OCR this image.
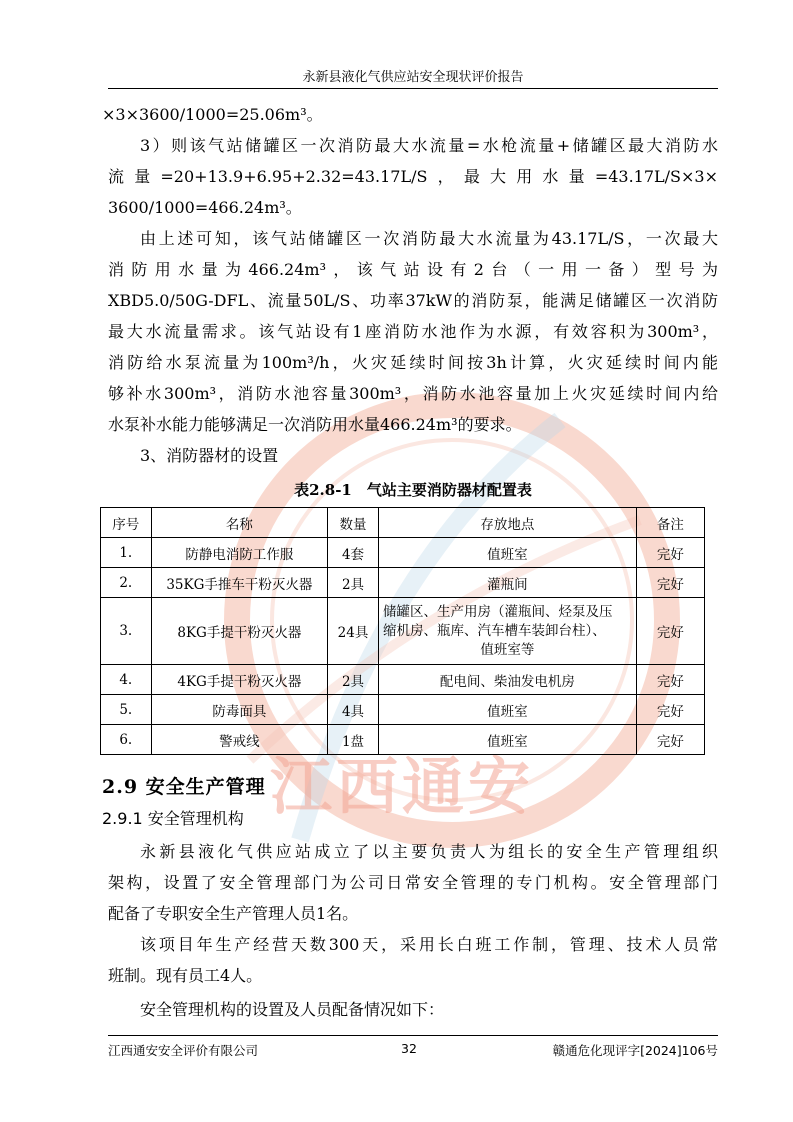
江西通安
永新县液化气供应站安全现状评价报告

×3×3600/1000=25.06m³。

3）则该气站储罐区一次消防最大水流量=水枪流量+储罐区最大消防水

流量=20+13.9+6.95+2.32=43.17L/S，最大用水量=43.17L/S×3×

3600/1000=466.24m³。

由上述可知，该气站储罐区一次消防最大水流量为43.17L/S，一次最大

消防用水量为466.24m³，该气站设有2台（一用一备）型号为

XBD5.0/50G-DFL、流量50L/S、功率37kW的消防泵，能满足储罐区一次消防

最大水流量需求。该气站设有1座消防水池作为水源，有效容积为300m³，

消防给水泵流量为100m³/h，火灾延续时间按3h计算，火灾延续时间内能

够补水300m³，消防水池容量300m³，消防水池容量加上火灾延续时间内给

水泵补水能力能够满足一次消防用水量466.24m³的要求。

3、消防器材的设置

表2.8-1　气站主要消防器材配置表
序号	名称	数量	存放地点	备注
1.	防静电消防工作服	4套	值班室	完好
2.	35KG手推车干粉灭火器	2具	灌瓶间	完好
3.	8KG手提干粉灭火器	24具	储罐区、生产用房（灌瓶间、烃泵及压
缩机房、瓶库、汽车槽车装卸台柱）、
值班室等	完好
4.	4KG手提干粉灭火器	2具	配电间、柴油发电机房	完好
5.	防毒面具	4具	值班室	完好
6.	警戒线	1盘	值班室	完好
2.9 安全生产管理
2.9.1 安全管理机构

永新县液化气供应站成立了以主要负责人为组长的安全生产管理组织

架构，设置了安全管理部门为公司日常安全管理的专门机构。安全管理部门

配备了专职安全生产管理人员1名。

该项目年生产经营天数300天，采用长白班工作制，管理、技术人员常

班制。现有员工4人。

安全管理机构的设置及人员配备情况如下：

江西通安安全评价有限公司	32	赣通危化现评字[2024]106号
